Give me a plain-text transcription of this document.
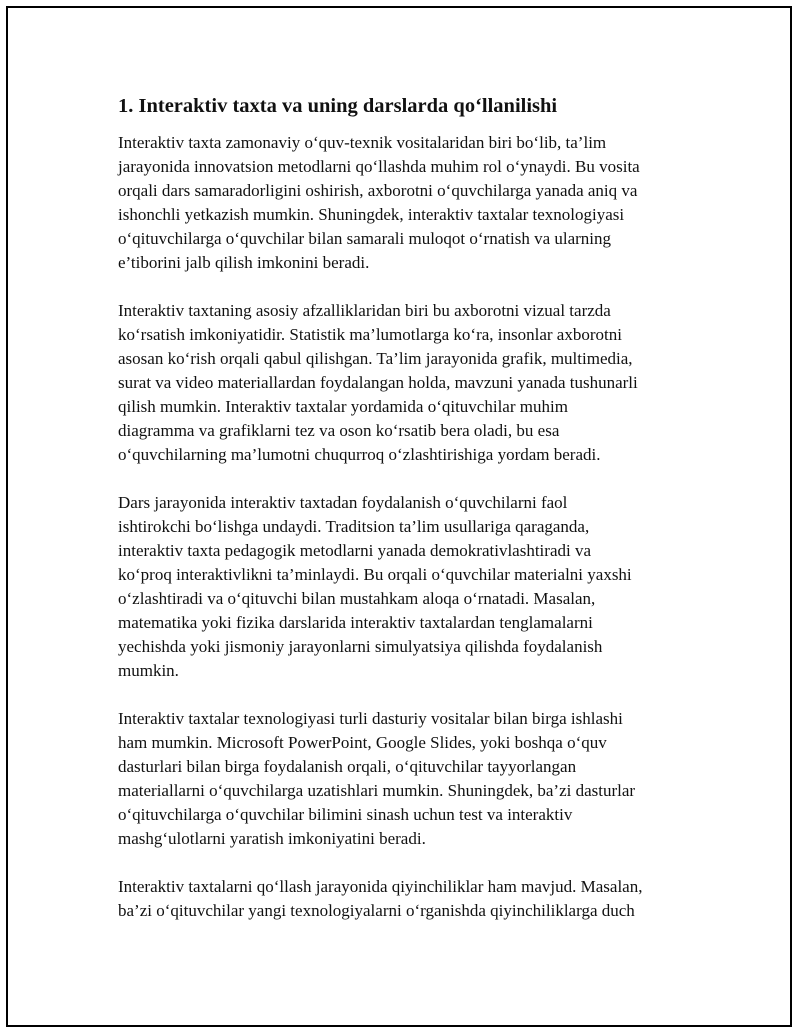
1. Interaktiv taxta va uning darslarda qo‘llanilishi

Interaktiv taxta zamonaviy o‘quv-texnik vositalaridan biri bo‘lib, ta’lim
jarayonida innovatsion metodlarni qo‘llashda muhim rol o‘ynaydi. Bu vosita
orqali dars samaradorligini oshirish, axborotni o‘quvchilarga yanada aniq va
ishonchli yetkazish mumkin. Shuningdek, interaktiv taxtalar texnologiyasi
o‘qituvchilarga o‘quvchilar bilan samarali muloqot o‘rnatish va ularning
e’tiborini jalb qilish imkonini beradi.

Interaktiv taxtaning asosiy afzalliklaridan biri bu axborotni vizual tarzda
ko‘rsatish imkoniyatidir. Statistik ma’lumotlarga ko‘ra, insonlar axborotni
asosan ko‘rish orqali qabul qilishgan. Ta’lim jarayonida grafik, multimedia,
surat va video materiallardan foydalangan holda, mavzuni yanada tushunarli
qilish mumkin. Interaktiv taxtalar yordamida o‘qituvchilar muhim
diagramma va grafiklarni tez va oson ko‘rsatib bera oladi, bu esa
o‘quvchilarning ma’lumotni chuqurroq o‘zlashtirishiga yordam beradi.

Dars jarayonida interaktiv taxtadan foydalanish o‘quvchilarni faol
ishtirokchi bo‘lishga undaydi. Traditsion ta’lim usullariga qaraganda,
interaktiv taxta pedagogik metodlarni yanada demokrativlashtiradi va
ko‘proq interaktivlikni ta’minlaydi. Bu orqali o‘quvchilar materialni yaxshi
o‘zlashtiradi va o‘qituvchi bilan mustahkam aloqa o‘rnatadi. Masalan,
matematika yoki fizika darslarida interaktiv taxtalardan tenglamalarni
yechishda yoki jismoniy jarayonlarni simulyatsiya qilishda foydalanish
mumkin.

Interaktiv taxtalar texnologiyasi turli dasturiy vositalar bilan birga ishlashi
ham mumkin. Microsoft PowerPoint, Google Slides, yoki boshqa o‘quv
dasturlari bilan birga foydalanish orqali, o‘qituvchilar tayyorlangan
materiallarni o‘quvchilarga uzatishlari mumkin. Shuningdek, ba’zi dasturlar
o‘qituvchilarga o‘quvchilar bilimini sinash uchun test va interaktiv
mashg‘ulotlarni yaratish imkoniyatini beradi.

Interaktiv taxtalarni qo‘llash jarayonida qiyinchiliklar ham mavjud. Masalan,
ba’zi o‘qituvchilar yangi texnologiyalarni o‘rganishda qiyinchiliklarga duch
